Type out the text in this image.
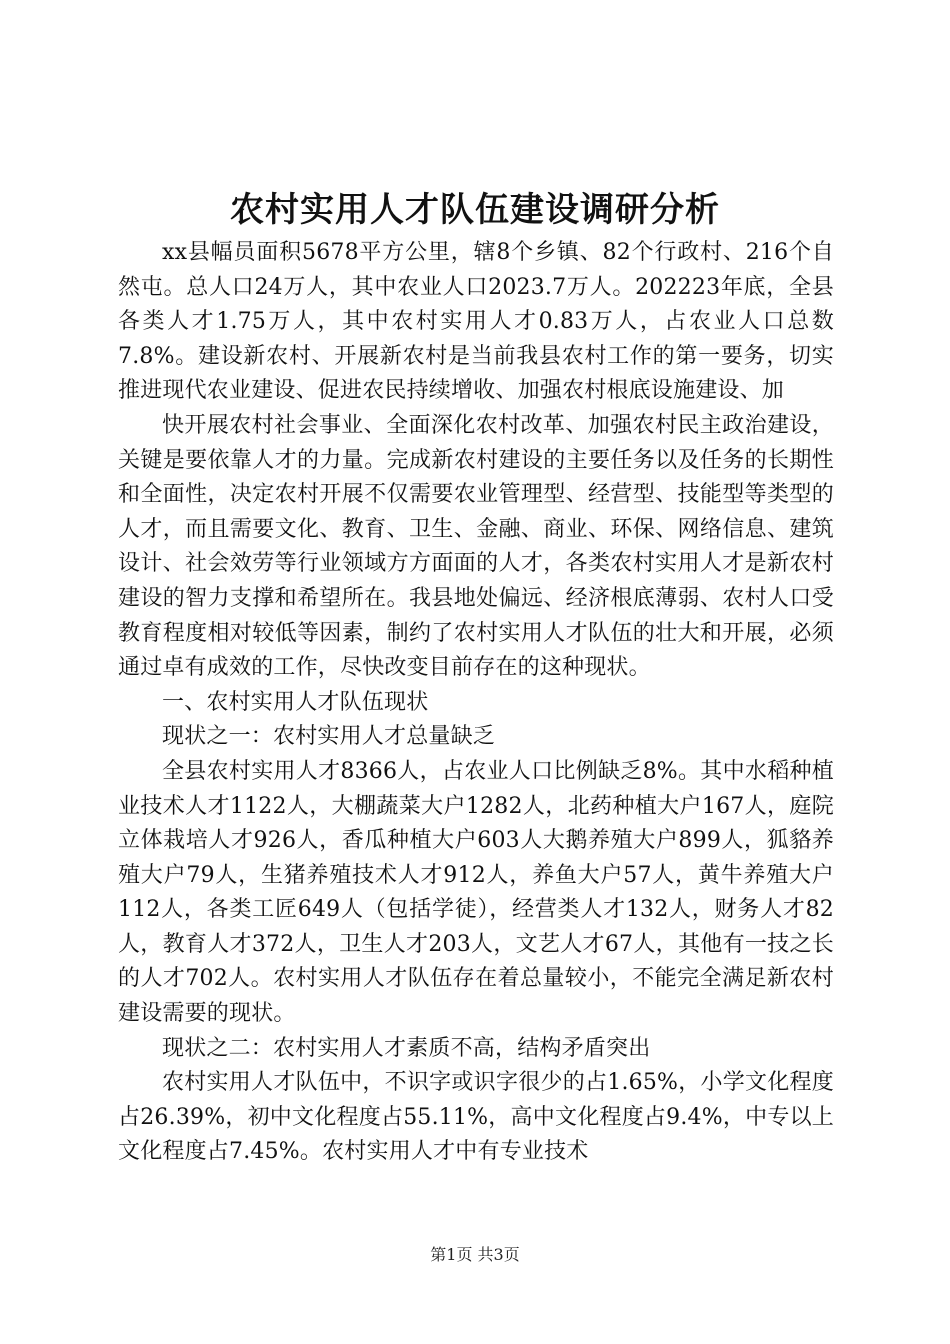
农村实用人才队伍建设调研分析

xx县幅员面积5678平方公里，辖8个乡镇、82个行政村、216个自然屯。总人口24万人，其中农业人口2023.7万人。202223年底，全县各类人才1.75万人，其中农村实用人才0.83万人，占农业人口总数7.8%。建设新农村、开展新农村是当前我县农村工作的第一要务，切实推进现代农业建设、促进农民持续增收、加强农村根底设施建设、加

快开展农村社会事业、全面深化农村改革、加强农村民主政治建设，关键是要依靠人才的力量。完成新农村建设的主要任务以及任务的长期性和全面性，决定农村开展不仅需要农业管理型、经营型、技能型等类型的人才，而且需要文化、教育、卫生、金融、商业、环保、网络信息、建筑设计、社会效劳等行业领域方方面面的人才，各类农村实用人才是新农村建设的智力支撑和希望所在。我县地处偏远、经济根底薄弱、农村人口受教育程度相对较低等因素，制约了农村实用人才队伍的壮大和开展，必须通过卓有成效的工作，尽快改变目前存在的这种现状。

一、农村实用人才队伍现状

现状之一：农村实用人才总量缺乏

全县农村实用人才8366人，占农业人口比例缺乏8%。其中水稻种植业技术人才1122人，大棚蔬菜大户1282人，北药种植大户167人，庭院立体栽培人才926人，香瓜种植大户603人大鹅养殖大户899人，狐貉养殖大户79人，生猪养殖技术人才912人，养鱼大户57人，黄牛养殖大户112人，各类工匠649人（包括学徒），经营类人才132人，财务人才82人，教育人才372人，卫生人才203人，文艺人才67人，其他有一技之长的人才702人。农村实用人才队伍存在着总量较小，不能完全满足新农村建设需要的现状。

现状之二：农村实用人才素质不高，结构矛盾突出

农村实用人才队伍中，不识字或识字很少的占1.65%，小学文化程度占26.39%，初中文化程度占55.11%，高中文化程度占9.4%，中专以上文化程度占7.45%。农村实用人才中有专业技术

第1页 共3页
